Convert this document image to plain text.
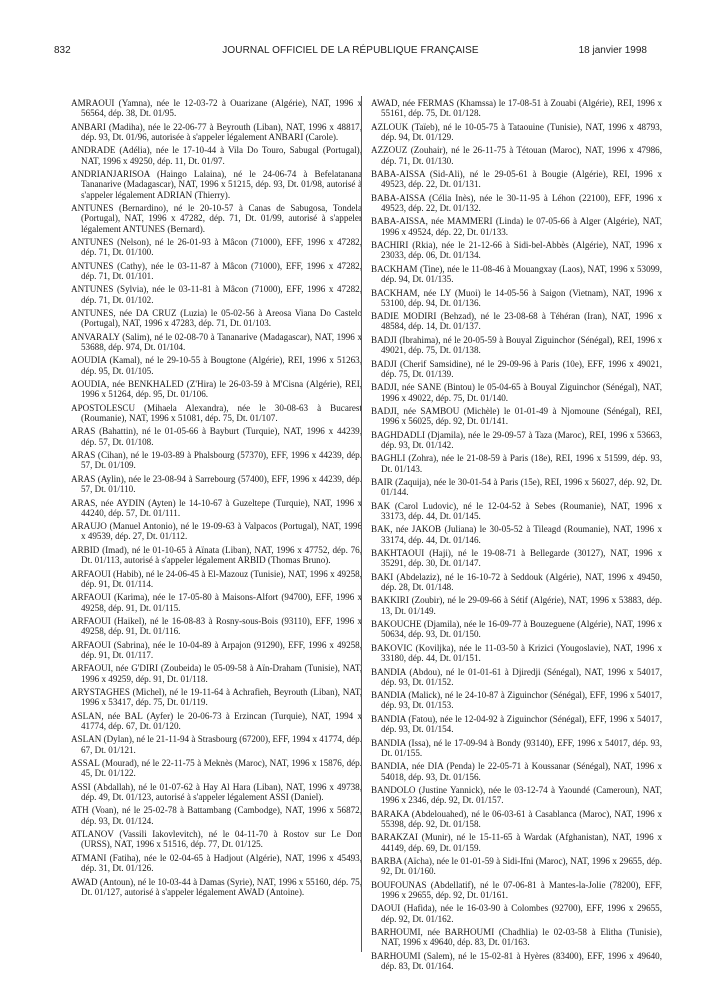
832	JOURNAL OFFICIEL DE LA RÉPUBLIQUE FRANÇAISE	18 janvier 1998

AMRAOUI (Yamna), née le 12-03-72 à Ouarizane (Algérie), NAT, 1996 x 56564, dép. 38, Dt. 01/95.

ANBARI (Madiha), née le 22-06-77 à Beyrouth (Liban), NAT, 1996 x 48817, dép. 93, Dt. 01/96, autorisée à s'appeler légalement ANBARI (Carole).

ANDRADE (Adélia), née le 17-10-44 à Vila Do Touro, Sabugal (Portugal), NAT, 1996 x 49250, dép. 11, Dt. 01/97.

ANDRIANJARISOA (Haingo Lalaina), né le 24-06-74 à Befelatanana Tananarive (Madagascar), NAT, 1996 x 51215, dép. 93, Dt. 01/98, autorisé à s'appeler légalement ADRIAN (Thierry).

ANTUNES (Bernardino), né le 20-10-57 à Canas de Sabugosa, Tondela (Portugal), NAT, 1996 x 47282, dép. 71, Dt. 01/99, autorisé à s'appeler légalement ANTUNES (Bernard).

ANTUNES (Nelson), né le 26-01-93 à Mâcon (71000), EFF, 1996 x 47282, dép. 71, Dt. 01/100.

ANTUNES (Cathy), née le 03-11-87 à Mâcon (71000), EFF, 1996 x 47282, dép. 71, Dt. 01/101.

ANTUNES (Sylvia), née le 03-11-81 à Mâcon (71000), EFF, 1996 x 47282, dép. 71, Dt. 01/102.

ANTUNES, née DA CRUZ (Luzia) le 05-02-56 à Areosa Viana Do Castelo (Portugal), NAT, 1996 x 47283, dép. 71, Dt. 01/103.

ANVARALY (Salim), né le 02-08-70 à Tananarive (Madagascar), NAT, 1996 x 53688, dép. 974, Dt. 01/104.

AOUDIA (Kamal), né le 29-10-55 à Bougtone (Algérie), REI, 1996 x 51263, dép. 95, Dt. 01/105.

AOUDIA, née BENKHALED (Z'Hira) le 26-03-59 à M'Cisna (Algérie), REI, 1996 x 51264, dép. 95, Dt. 01/106.

APOSTOLESCU (Mihaela Alexandra), née le 30-08-63 à Bucarest (Roumanie), NAT, 1996 x 51081, dép. 75, Dt. 01/107.

ARAS (Bahattin), né le 01-05-66 à Bayburt (Turquie), NAT, 1996 x 44239, dép. 57, Dt. 01/108.

ARAS (Cihan), né le 19-03-89 à Phalsbourg (57370), EFF, 1996 x 44239, dép. 57, Dt. 01/109.

ARAS (Aylin), née le 23-08-94 à Sarrebourg (57400), EFF, 1996 x 44239, dép. 57, Dt. 01/110.

ARAS, née AYDIN (Ayten) le 14-10-67 à Guzeltepe (Turquie), NAT, 1996 x 44240, dép. 57, Dt. 01/111.

ARAUJO (Manuel Antonio), né le 19-09-63 à Valpacos (Portugal), NAT, 1996 x 49539, dép. 27, Dt. 01/112.

ARBID (Imad), né le 01-10-65 à Aïnata (Liban), NAT, 1996 x 47752, dép. 76, Dt. 01/113, autorisé à s'appeler légalement ARBID (Thomas Bruno).

ARFAOUI (Habib), né le 24-06-45 à El-Mazouz (Tunisie), NAT, 1996 x 49258, dép. 91, Dt. 01/114.

ARFAOUI (Karima), née le 17-05-80 à Maisons-Alfort (94700), EFF, 1996 x 49258, dép. 91, Dt. 01/115.

ARFAOUI (Haikel), né le 16-08-83 à Rosny-sous-Bois (93110), EFF, 1996 x 49258, dép. 91, Dt. 01/116.

ARFAOUI (Sabrina), née le 10-04-89 à Arpajon (91290), EFF, 1996 x 49258, dép. 91, Dt. 01/117.

ARFAOUI, née G'DIRI (Zoubeida) le 05-09-58 à Aïn-Draham (Tunisie), NAT, 1996 x 49259, dép. 91, Dt. 01/118.

ARYSTAGHES (Michel), né le 19-11-64 à Achrafieh, Beyrouth (Liban), NAT, 1996 x 53417, dép. 75, Dt. 01/119.

ASLAN, née BAL (Ayfer) le 20-06-73 à Erzincan (Turquie), NAT, 1994 x 41774, dép. 67, Dt. 01/120.

ASLAN (Dylan), né le 21-11-94 à Strasbourg (67200), EFF, 1994 x 41774, dép. 67, Dt. 01/121.

ASSAL (Mourad), né le 22-11-75 à Meknès (Maroc), NAT, 1996 x 15876, dép. 45, Dt. 01/122.

ASSI (Abdallah), né le 01-07-62 à Hay Al Hara (Liban), NAT, 1996 x 49738, dép. 49, Dt. 01/123, autorisé à s'appeler légalement ASSI (Daniel).

ATH (Voan), né le 25-02-78 à Battambang (Cambodge), NAT, 1996 x 56872, dép. 93, Dt. 01/124.

ATLANOV (Vassili Iakovlevitch), né le 04-11-70 à Rostov sur Le Don (URSS), NAT, 1996 x 51516, dép. 77, Dt. 01/125.

ATMANI (Fatiha), née le 02-04-65 à Hadjout (Algérie), NAT, 1996 x 45493, dép. 31, Dt. 01/126.

AWAD (Antoun), né le 10-03-44 à Damas (Syrie), NAT, 1996 x 55160, dép. 75, Dt. 01/127, autorisé à s'appeler légalement AWAD (Antoine).

AWAD, née FERMAS (Khamssa) le 17-08-51 à Zouabi (Algérie), REI, 1996 x 55161, dép. 75, Dt. 01/128.

AZLOUK (Taïeb), né le 10-05-75 à Tataouine (Tunisie), NAT, 1996 x 48793, dép. 94, Dt. 01/129.

AZZOUZ (Zouhair), né le 26-11-75 à Tétouan (Maroc), NAT, 1996 x 47986, dép. 71, Dt. 01/130.

BABA-AISSA (Sid-Ali), né le 29-05-61 à Bougie (Algérie), REI, 1996 x 49523, dép. 22, Dt. 01/131.

BABA-AISSA (Célia Inès), née le 30-11-95 à Léhon (22100), EFF, 1996 x 49523, dép. 22, Dt. 01/132.

BABA-AISSA, née MAMMERI (Linda) le 07-05-66 à Alger (Algérie), NAT, 1996 x 49524, dép. 22, Dt. 01/133.

BACHIRI (Rkia), née le 21-12-66 à Sidi-bel-Abbès (Algérie), NAT, 1996 x 23033, dép. 06, Dt. 01/134.

BACKHAM (Tine), née le 11-08-46 à Mouangxay (Laos), NAT, 1996 x 53099, dép. 94, Dt. 01/135.

BACKHAM, née LY (Muoi) le 14-05-56 à Saigon (Vietnam), NAT, 1996 x 53100, dép. 94, Dt. 01/136.

BADIE MODIRI (Behzad), né le 23-08-68 à Téhéran (Iran), NAT, 1996 x 48584, dép. 14, Dt. 01/137.

BADJI (Ibrahima), né le 20-05-59 à Bouyal Ziguinchor (Sénégal), REI, 1996 x 49021, dép. 75, Dt. 01/138.

BADJI (Cherif Samsidine), né le 29-09-96 à Paris (10e), EFF, 1996 x 49021, dép. 75, Dt. 01/139.

BADJI, née SANE (Bintou) le 05-04-65 à Bouyal Ziguinchor (Sénégal), NAT, 1996 x 49022, dép. 75, Dt. 01/140.

BADJI, née SAMBOU (Michèle) le 01-01-49 à Njomoune (Sénégal), REI, 1996 x 56025, dép. 92, Dt. 01/141.

BAGHDADLI (Djamila), née le 29-09-57 à Taza (Maroc), REI, 1996 x 53663, dép. 93, Dt. 01/142.

BAGHLI (Zohra), née le 21-08-59 à Paris (18e), REI, 1996 x 51599, dép. 93, Dt. 01/143.

BAIR (Zaquija), née le 30-01-54 à Paris (15e), REI, 1996 x 56027, dép. 92, Dt. 01/144.

BAK (Carol Ludovic), né le 12-04-52 à Sebes (Roumanie), NAT, 1996 x 33173, dép. 44, Dt. 01/145.

BAK, née JAKOB (Juliana) le 30-05-52 à Tileagd (Roumanie), NAT, 1996 x 33174, dép. 44, Dt. 01/146.

BAKHTAOUI (Haji), né le 19-08-71 à Bellegarde (30127), NAT, 1996 x 35291, dép. 30, Dt. 01/147.

BAKI (Abdelaziz), né le 16-10-72 à Seddouk (Algérie), NAT, 1996 x 49450, dép. 28, Dt. 01/148.

BAKKIRI (Zoubir), né le 29-09-66 à Sétif (Algérie), NAT, 1996 x 53883, dép. 13, Dt. 01/149.

BAKOUCHE (Djamila), née le 16-09-77 à Bouzeguene (Algérie), NAT, 1996 x 50634, dép. 93, Dt. 01/150.

BAKOVIC (Koviljka), née le 11-03-50 à Krizici (Yougoslavie), NAT, 1996 x 33180, dép. 44, Dt. 01/151.

BANDIA (Abdou), né le 01-01-61 à Djiredji (Sénégal), NAT, 1996 x 54017, dép. 93, Dt. 01/152.

BANDIA (Malick), né le 24-10-87 à Ziguinchor (Sénégal), EFF, 1996 x 54017, dép. 93, Dt. 01/153.

BANDIA (Fatou), née le 12-04-92 à Ziguinchor (Sénégal), EFF, 1996 x 54017, dép. 93, Dt. 01/154.

BANDIA (Issa), né le 17-09-94 à Bondy (93140), EFF, 1996 x 54017, dép. 93, Dt. 01/155.

BANDIA, née DIA (Penda) le 22-05-71 à Koussanar (Sénégal), NAT, 1996 x 54018, dép. 93, Dt. 01/156.

BANDOLO (Justine Yannick), née le 03-12-74 à Yaoundé (Cameroun), NAT, 1996 x 2346, dép. 92, Dt. 01/157.

BARAKA (Abdelouahed), né le 06-03-61 à Casablanca (Maroc), NAT, 1996 x 55398, dép. 92, Dt. 01/158.

BARAKZAI (Munir), né le 15-11-65 à Wardak (Afghanistan), NAT, 1996 x 44149, dép. 69, Dt. 01/159.

BARBA (Aïcha), née le 01-01-59 à Sidi-Ifni (Maroc), NAT, 1996 x 29655, dép. 92, Dt. 01/160.

BOUFOUNAS (Abdellatif), né le 07-06-81 à Mantes-la-Jolie (78200), EFF, 1996 x 29655, dép. 92, Dt. 01/161.

DAOUI (Hafida), née le 16-03-90 à Colombes (92700), EFF, 1996 x 29655, dép. 92, Dt. 01/162.

BARHOUMI, née BARHOUMI (Chadhlia) le 02-03-58 à Elitha (Tunisie), NAT, 1996 x 49640, dép. 83, Dt. 01/163.

BARHOUMI (Salem), né le 15-02-81 à Hyères (83400), EFF, 1996 x 49640, dép. 83, Dt. 01/164.
